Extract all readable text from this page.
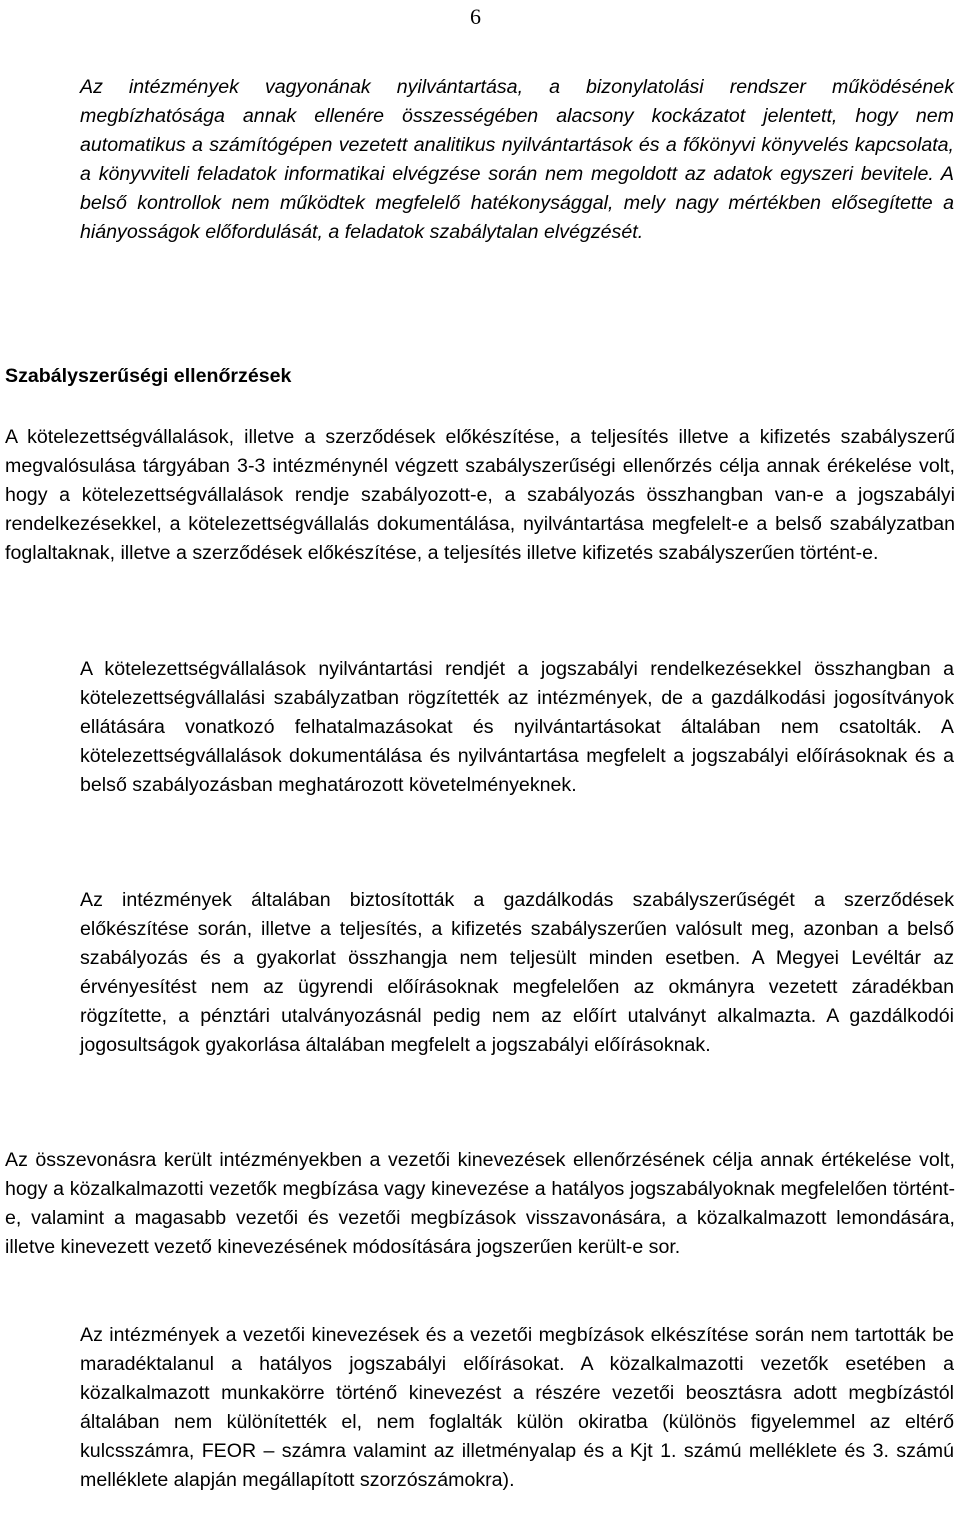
6

Az intézmények vagyonának nyilvántartása, a bizonylatolási rendszer működésének megbízhatósága annak ellenére összességében alacsony kockázatot jelentett, hogy nem automatikus a számítógépen vezetett analitikus nyilvántartások és a főkönyvi könyvelés kapcsolata, a könyvviteli feladatok informatikai elvégzése során nem megoldott az adatok egyszeri bevitele. A belső kontrollok nem működtek megfelelő hatékonysággal, mely nagy mértékben elősegítette a hiányosságok előfordulását, a feladatok szabálytalan elvégzését.

Szabályszerűségi ellenőrzések

A kötelezettségvállalások, illetve a szerződések előkészítése, a teljesítés illetve a kifizetés szabályszerű megvalósulása tárgyában 3-3 intézménynél végzett szabályszerűségi ellenőrzés célja annak érékelése volt, hogy a kötelezettségvállalások rendje szabályozott-e, a szabályozás összhangban van-e a jogszabályi rendelkezésekkel, a kötelezettségvállalás dokumentálása, nyilvántartása megfelelt-e a belső szabályzatban foglaltaknak, illetve a szerződések előkészítése, a teljesítés illetve kifizetés szabályszerűen történt-e.

A kötelezettségvállalások nyilvántartási rendjét a jogszabályi rendelkezésekkel összhangban a kötelezettségvállalási szabályzatban rögzítették az intézmények, de a gazdálkodási jogosítványok ellátására vonatkozó felhatalmazásokat és nyilvántartásokat általában nem csatolták. A kötelezettségvállalások dokumentálása és nyilvántartása megfelelt a jogszabályi előírásoknak és a belső szabályozásban meghatározott követelményeknek.

Az intézmények általában biztosították a gazdálkodás szabályszerűségét a szerződések előkészítése során, illetve a teljesítés, a kifizetés szabályszerűen valósult meg, azonban a belső szabályozás és a gyakorlat összhangja nem teljesült minden esetben. A Megyei Levéltár az érvényesítést nem az ügyrendi előírásoknak megfelelően az okmányra vezetett záradékban rögzítette, a pénztári utalványozásnál pedig nem az előírt utalványt alkalmazta. A gazdálkodói jogosultságok gyakorlása általában megfelelt a jogszabályi előírásoknak.

Az összevonásra került intézményekben a vezetői kinevezések ellenőrzésének célja annak értékelése volt, hogy a közalkalmazotti vezetők megbízása vagy kinevezése a hatályos jogszabályoknak megfelelően történt-e, valamint a magasabb vezetői és vezetői megbízások visszavonására, a közalkalmazott lemondására, illetve kinevezett vezető kinevezésének módosítására jogszerűen került-e sor.

Az intézmények a vezetői kinevezések és a vezetői megbízások elkészítése során nem tartották be maradéktalanul a hatályos jogszabályi előírásokat. A közalkalmazotti vezetők esetében a közalkalmazott munkakörre történő kinevezést a részére vezetői beosztásra adott megbízástól általában nem különítették el, nem foglalták külön okiratba (különös figyelemmel az eltérő kulcsszámra, FEOR – számra valamint az illetményalap és a Kjt 1. számú melléklete és 3. számú melléklete alapján megállapított szorzószámokra).
